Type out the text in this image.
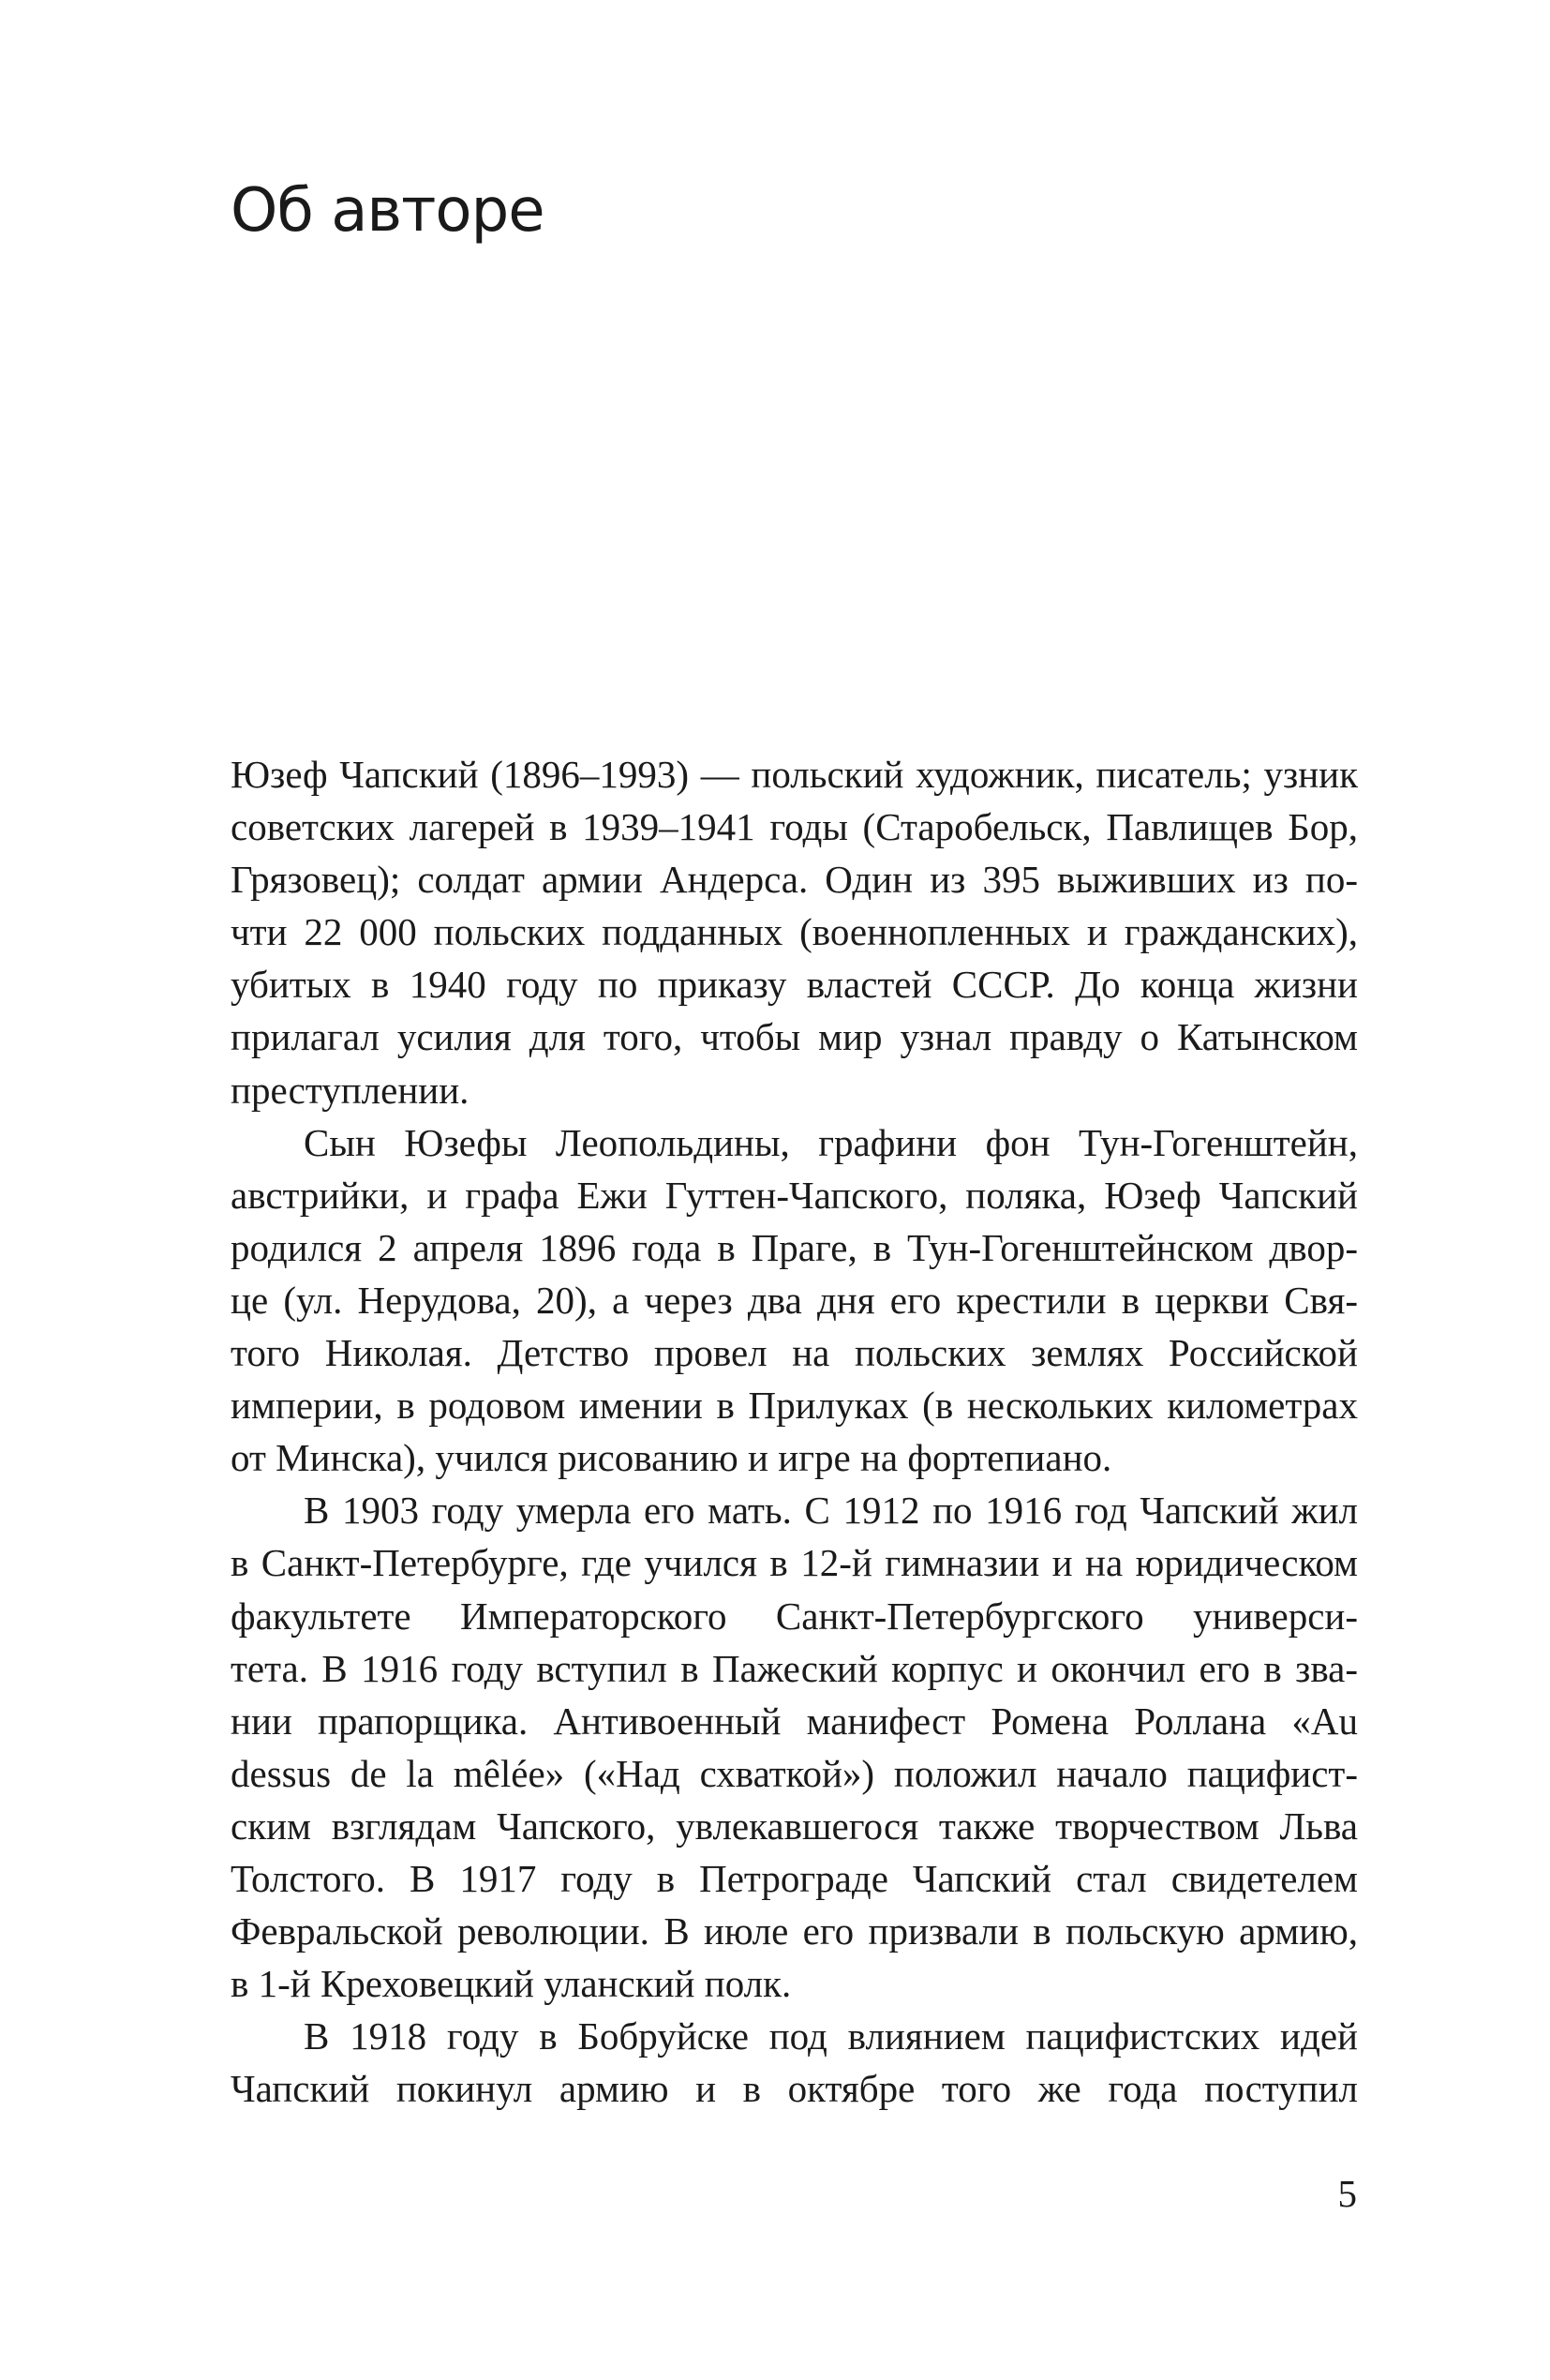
Об авторе
Юзеф Чапский (1896–1993) — польский художник, писатель; узник
советских лагерей в 1939–1941 годы (Старобельск, Павлищев Бор,
Грязовец); солдат армии Андерса. Один из 395 выживших из по-
чти 22 000 польских подданных (военнопленных и гражданских),
убитых в 1940 году по приказу властей СССР. До конца жизни
прилагал усилия для того, чтобы мир узнал правду о Катынском
преступлении.
Сын Юзефы Леопольдины, графини фон Тун-Гогенштейн,
австрийки, и графа Ежи Гуттен-Чапского, поляка, Юзеф Чапский
родился 2 апреля 1896 года в Праге, в Тун-Гогенштейнском двор-
це (ул. Нерудова, 20), а через два дня его крестили в церкви Свя-
того Николая. Детство провел на польских землях Российской
империи, в родовом имении в Прилуках (в нескольких километрах
от Минска), учился рисованию и игре на фортепиано.
В 1903 году умерла его мать. С 1912 по 1916 год Чапский жил
в Санкт-Петербурге, где учился в 12-й гимназии и на юридическом
факультете Императорского Санкт-Петербургского универси-
тета. В 1916 году вступил в Пажеский корпус и окончил его в зва-
нии прапорщика. Антивоенный манифест Ромена Роллана «Au
dessus de la mêlée» («Над схваткой») положил начало пацифист-
ским взглядам Чапского, увлекавшегося также творчеством Льва
Толстого. В 1917 году в Петрограде Чапский стал свидетелем
Февральской революции. В июле его призвали в польскую армию,
в 1-й Креховецкий уланский полк.
В 1918 году в Бобруйске под влиянием пацифистских идей
Чапский покинул армию и в октябре того же года поступил
5
